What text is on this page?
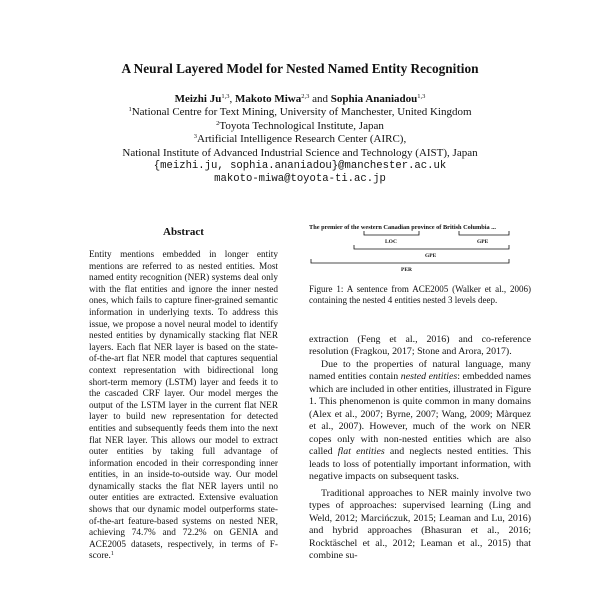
A Neural Layered Model for Nested Named Entity Recognition
Meizhi Ju$^{1,3}$, Makoto Miwa$^{2,3}$ and Sophia Ananiadou$^{1,3}$
$^1$National Centre for Text Mining, University of Manchester, United Kingdom
$^2$Toyota Technological Institute, Japan
$^3$Artificial Intelligence Research Center (AIRC),
National Institute of Advanced Industrial Science and Technology (AIST), Japan
{meizhi.ju, sophia.ananiadou}@manchester.ac.uk
makoto-miwa@toyota-ti.ac.jp
Abstract
Entity mentions embedded in longer entity mentions are referred to as nested entities. Most named entity recognition (NER) systems deal only with the flat entities and ignore the inner nested ones, which fails to capture finer-grained semantic information in underlying texts. To address this issue, we propose a novel neural model to identify nested entities by dynamically stacking flat NER layers. Each flat NER layer is based on the state-of-the-art flat NER model that captures sequential context representation with bidirectional long short-term memory (LSTM) layer and feeds it to the cascaded CRF layer. Our model merges the output of the LSTM layer in the current flat NER layer to build new representation for detected entities and subsequently feeds them into the next flat NER layer. This allows our model to extract outer entities by taking full advantage of information encoded in their corresponding inner entities, in an inside-to-outside way. Our model dynamically stacks the flat NER layers until no outer entities are extracted. Extensive evaluation shows that our dynamic model outperforms state-of-the-art feature-based systems on nested NER, achieving 74.7% and 72.2% on GENIA and ACE2005 datasets, respectively, in terms of F-score.$^1$
The premier of the western Canadian province of British Columbia ...
LOC	GPE
GPE
PER
Figure 1: A sentence from ACE2005 (Walker et al., 2006) containing the nested 4 entities nested 3 levels deep.

extraction (Feng et al., 2016) and co-reference resolution (Fragkou, 2017; Stone and Arora, 2017).

Due to the properties of natural language, many named entities contain nested entities: embedded names which are included in other entities, illustrated in Figure 1. This phenomenon is quite common in many domains (Alex et al., 2007; Byrne, 2007; Wang, 2009; Màrquez et al., 2007). However, much of the work on NER copes only with non-nested entities which are also called flat entities and neglects nested entities. This leads to loss of potentially important information, with negative impacts on subsequent tasks.

Traditional approaches to NER mainly involve two types of approaches: supervised learning (Ling and Weld, 2012; Marcińczuk, 2015; Leaman and Lu, 2016) and hybrid approaches (Bhasuran et al., 2016; Rocktäschel et al., 2012; Leaman et al., 2015) that combine su-
